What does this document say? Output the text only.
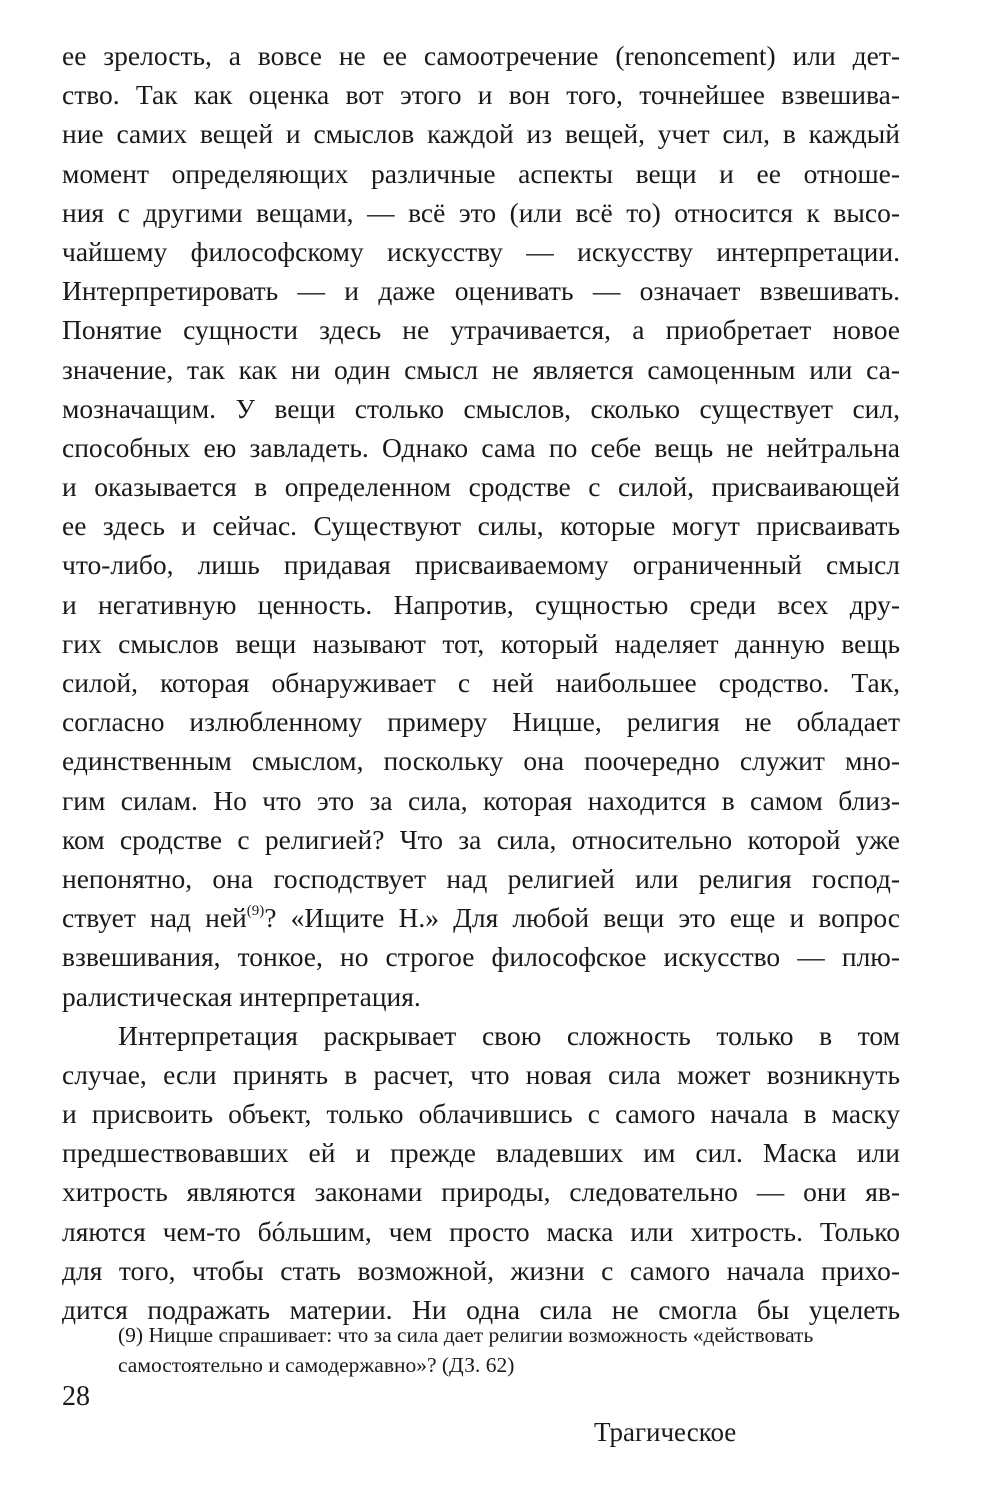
ее зрелость, а вовсе не ее самоотречение (renoncement) или дет-
ство. Так как оценка вот этого и вон того, точнейшее взвешива-
ние самих вещей и смыслов каждой из вещей, учет сил, в каждый
момент определяющих различные аспекты вещи и ее отноше-
ния с другими вещами, — всё это (или всё то) относится к высо-
чайшему философскому искусству — искусству интерпретации.
Интерпретировать — и даже оценивать — означает взвешивать.
Понятие сущности здесь не утрачивается, а приобретает новое
значение, так как ни один смысл не является самоценным или са-
мозначащим. У вещи столько смыслов, сколько существует сил,
способных ею завладеть. Однако сама по себе вещь не нейтральна
и оказывается в определенном сродстве с силой, присваивающей
ее здесь и сейчас. Существуют силы, которые могут присваивать
что-либо, лишь придавая присваиваемому ограниченный смысл
и негативную ценность. Напротив, сущностью среди всех дру-
гих смыслов вещи называют тот, который наделяет данную вещь
силой, которая обнаруживает с ней наибольшее сродство. Так,
согласно излюбленному примеру Ницше, религия не обладает
единственным смыслом, поскольку она поочередно служит мно-
гим силам. Но что это за сила, которая находится в самом близ-
ком сродстве с религией? Что за сила, относительно которой уже
непонятно, она господствует над религией или религия господ-
ствует над ней$^{(9)}$? «Ищите Н.» Для любой вещи это еще и вопрос
взвешивания, тонкое, но строгое философское искусство — плю-
ралистическая интерпретация.
Интерпретация раскрывает свою сложность только в том
случае, если принять в расчет, что новая сила может возникнуть
и присвоить объект, только облачившись с самого начала в маску
предшествовавших ей и прежде владевших им сил. Маска или
хитрость являются законами природы, следовательно — они яв-
ляются чем-то бóльшим, чем просто маска или хитрость. Только
для того, чтобы стать возможной, жизни с самого начала прихо-
дится подражать материи. Ни одна сила не смогла бы уцелеть
(9) Ницше спрашивает: что за сила дает религии возможность «действовать
самостоятельно и самодержавно»? (ДЗ. 62)
28
Трагическое
